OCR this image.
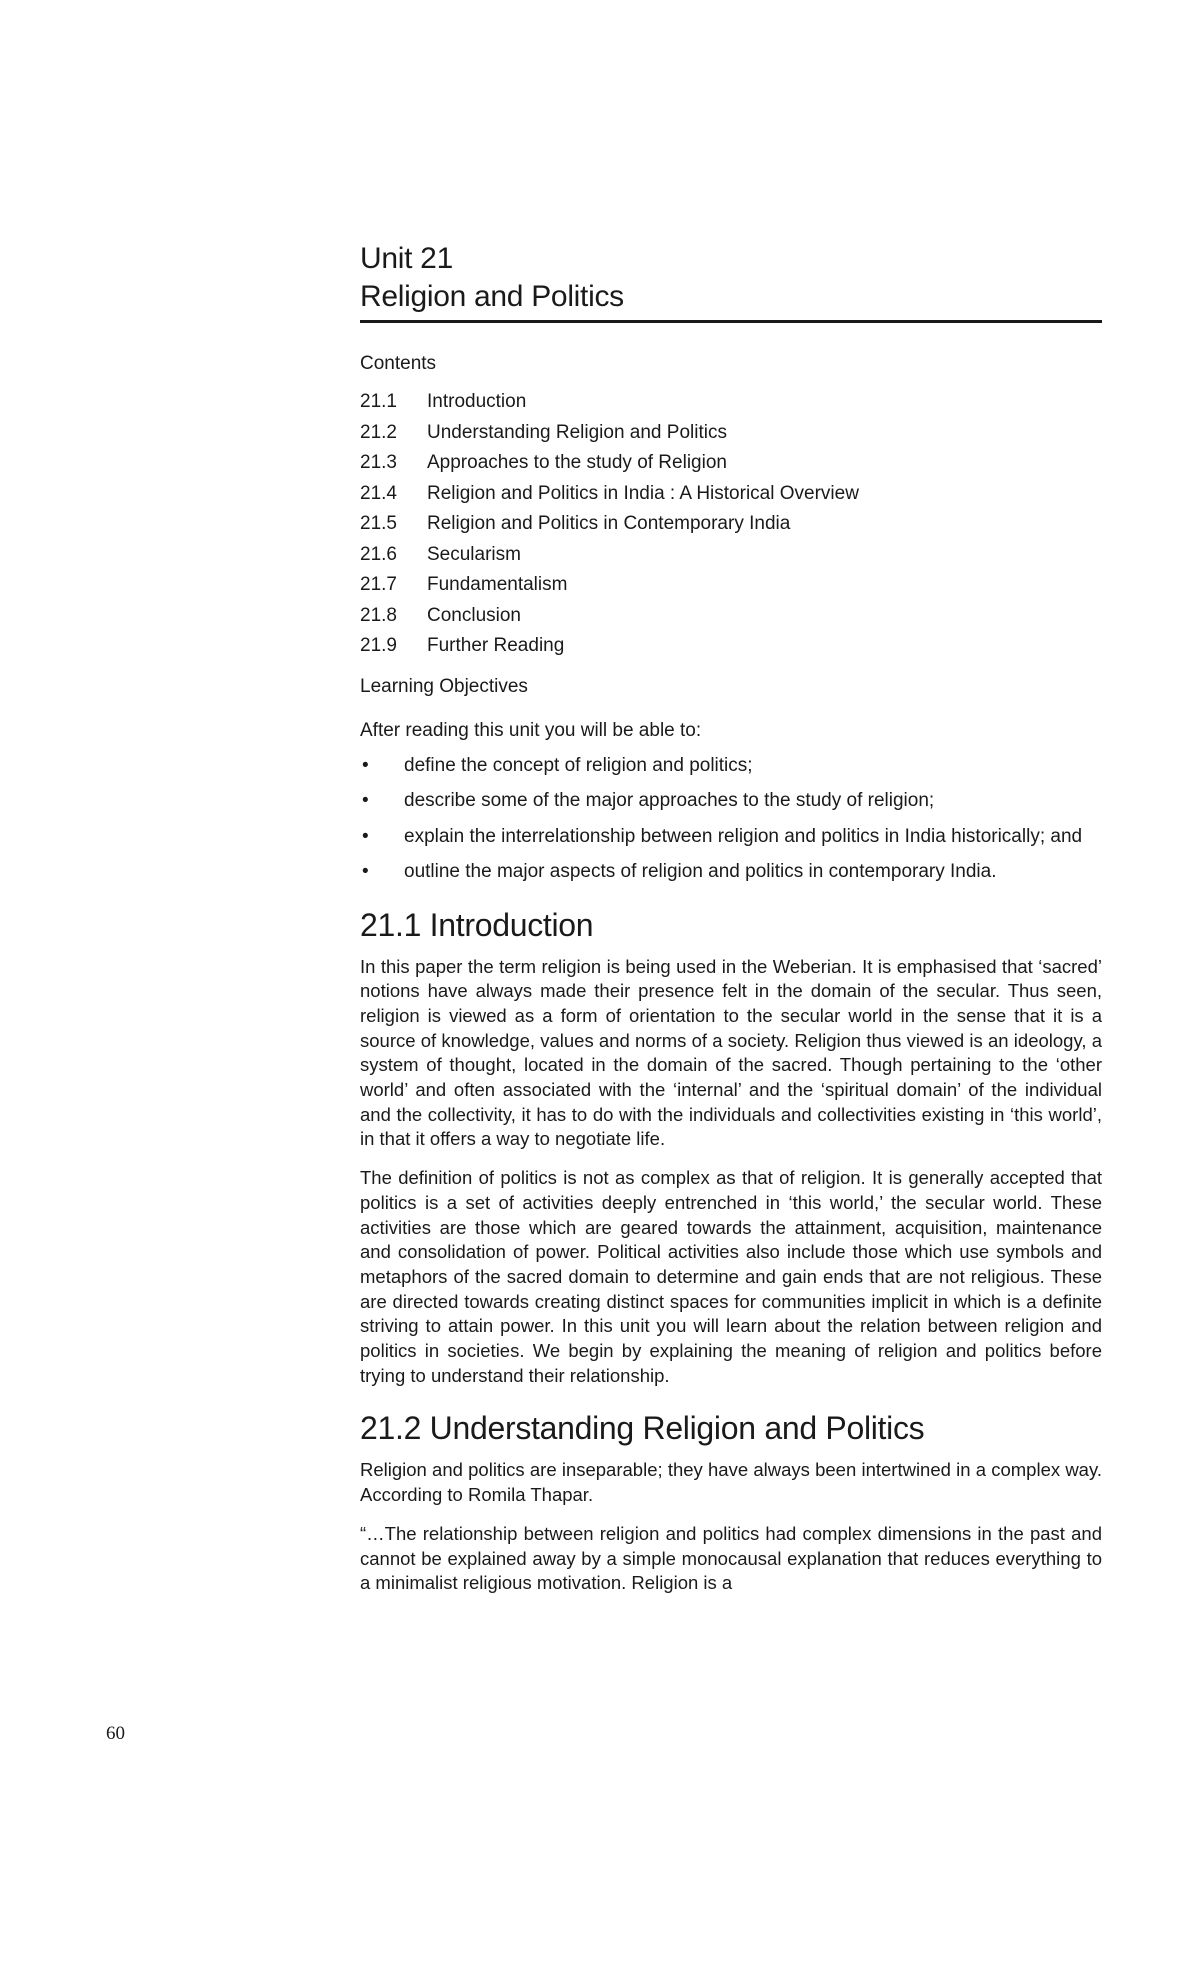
Unit 21
Religion and Politics
Contents
21.1	Introduction
21.2	Understanding Religion and Politics
21.3	Approaches to the study of Religion
21.4	Religion and Politics in India : A Historical Overview
21.5	Religion and Politics in Contemporary India
21.6	Secularism
21.7	Fundamentalism
21.8	Conclusion
21.9	Further Reading
Learning Objectives
After reading this unit you will be able to:
• define the concept of religion and politics;
• describe some of the major approaches to the study of religion;
• explain the interrelationship between religion and politics in India historically; and
• outline the major aspects of religion and politics in contemporary India.
21.1 Introduction

In this paper the term religion is being used in the Weberian. It is emphasised that ‘sacred’ notions have always made their presence felt in the domain of the secular. Thus seen, religion is viewed as a form of orientation to the secular world in the sense that it is a source of knowledge, values and norms of a society. Religion thus viewed is an ideology, a system of thought, located in the domain of the sacred. Though pertaining to the ‘other world’ and often associated with the ‘internal’ and the ‘spiritual domain’ of the individual and the collectivity, it has to do with the individuals and collectivities existing in ‘this world’, in that it offers a way to negotiate life.

The definition of politics is not as complex as that of religion. It is generally accepted that politics is a set of activities deeply entrenched in ‘this world,’ the secular world. These activities are those which are geared towards the attainment, acquisition, maintenance and consolidation of power. Political activities also include those which use symbols and metaphors of the sacred domain to determine and gain ends that are not religious. These are directed towards creating distinct spaces for communities implicit in which is a definite striving to attain power. In this unit you will learn about the relation between religion and politics in societies. We begin by explaining the meaning of religion and politics before trying to understand their relationship.

21.2 Understanding Religion and Politics

Religion and politics are inseparable; they have always been intertwined in a complex way. According to Romila Thapar.

“…The relationship between religion and politics had complex dimensions in the past and cannot be explained away by a simple monocausal explanation that reduces everything to a minimalist religious motivation. Religion is a

60
